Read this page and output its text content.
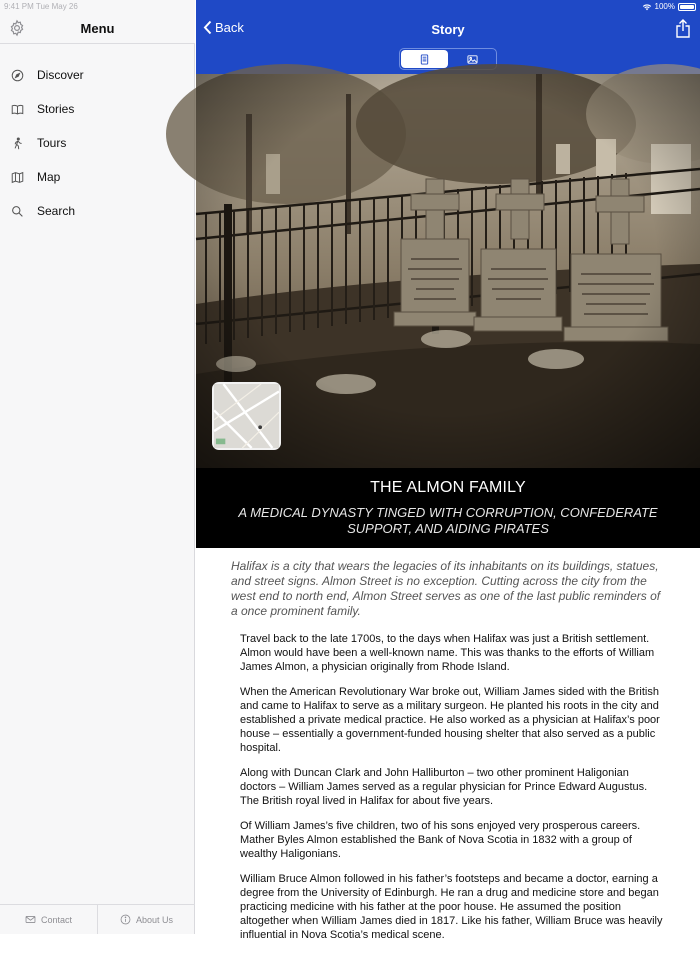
9:41 PM Tue May 26
Menu
Discover
Stories
Tours
Map
Search
Contact	About Us
100%
Back	Story
THE ALMON FAMILY
A MEDICAL DYNASTY TINGED WITH CORRUPTION, CONFEDERATE SUPPORT, AND AIDING PIRATES

Halifax is a city that wears the legacies of its inhabitants on its buildings, statues, and street signs. Almon Street is no exception. Cutting across the city from the west end to north end, Almon Street serves as one of the last public reminders of a once prominent family.

Travel back to the late 1700s, to the days when Halifax was just a British settlement. Almon would have been a well-known name. This was thanks to the efforts of William James Almon, a physician originally from Rhode Island.

When the American Revolutionary War broke out, William James sided with the British and came to Halifax to serve as a military surgeon. He planted his roots in the city and established a private medical practice. He also worked as a physician at Halifax’s poor house – essentially a government-funded housing shelter that also served as a public hospital.

Along with Duncan Clark and John Halliburton – two other prominent Haligonian doctors – William James served as a regular physician for Prince Edward Augustus. The British royal lived in Halifax for about five years.

Of William James’s five children, two of his sons enjoyed very prosperous careers. Mather Byles Almon established the Bank of Nova Scotia in 1832 with a group of wealthy Haligonians.

William Bruce Almon followed in his father’s footsteps and became a doctor, earning a degree from the University of Edinburgh. He ran a drug and medicine store and began practicing medicine with his father at the poor house. He assumed the position altogether when William James died in 1817. Like his father, William Bruce was heavily influential in Nova Scotia’s medical scene.
